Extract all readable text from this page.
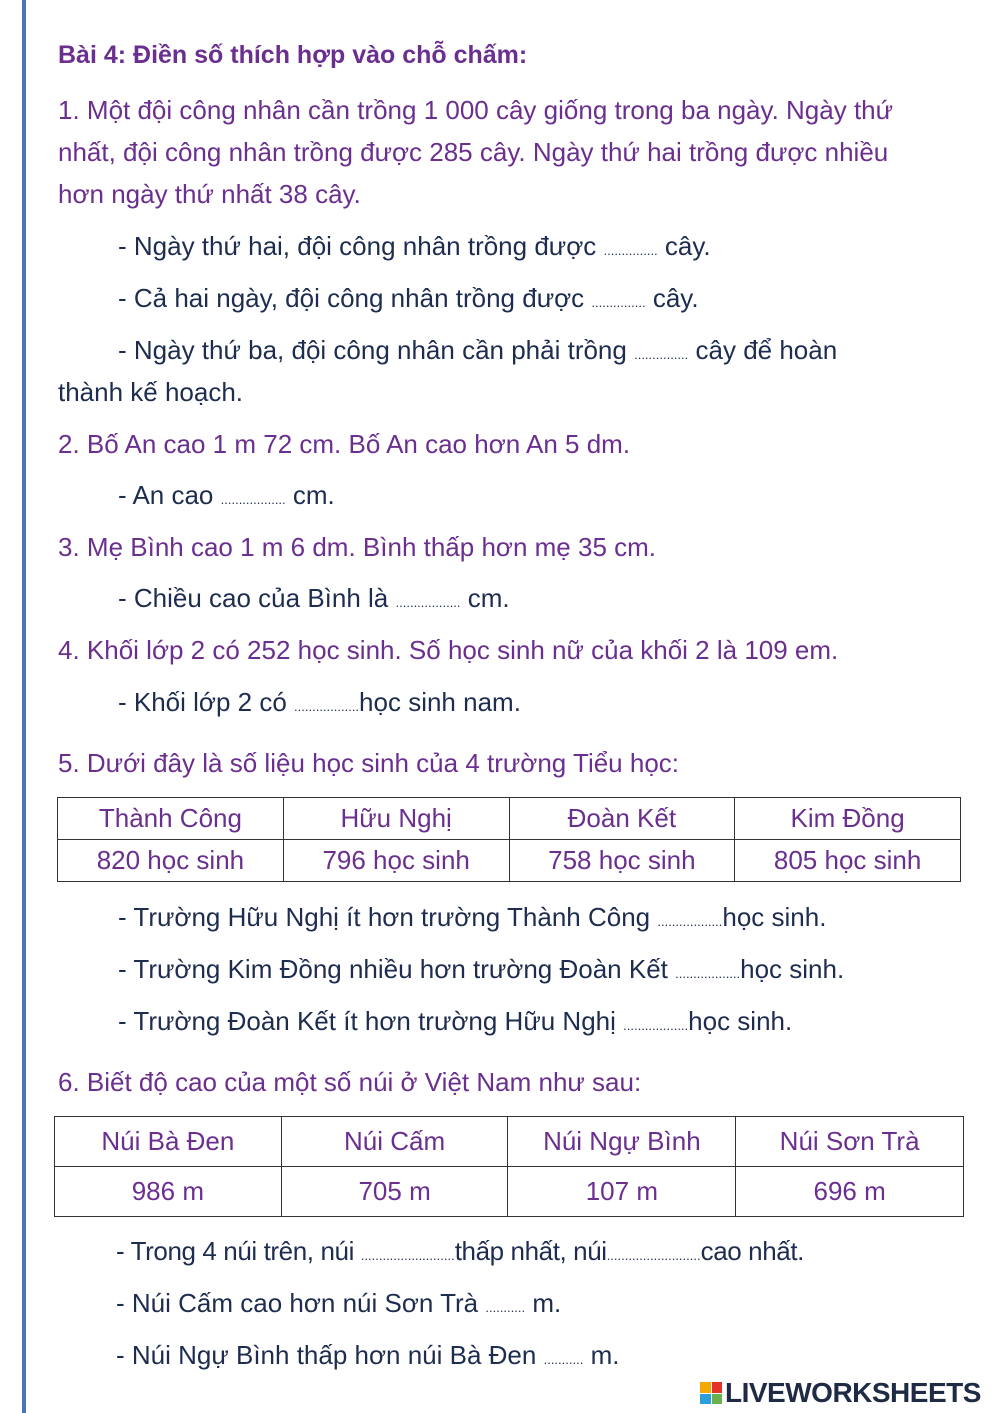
Bài 4: Điền số thích hợp vào chỗ chấm:
1. Một đội công nhân cần trồng 1 000 cây giống trong ba ngày. Ngày thứ
nhất, đội công nhân trồng được 285 cây. Ngày thứ hai trồng được nhiều
hơn ngày thứ nhất 38 cây.
- Ngày thứ hai, đội công nhân trồng được ............... cây.
- Cả hai ngày, đội công nhân trồng được ............... cây.
- Ngày thứ ba, đội công nhân cần phải trồng ............... cây để hoàn
thành kế hoạch.
2. Bố An cao 1 m 72 cm. Bố An cao hơn An 5 dm.
- An cao .................. cm.
3. Mẹ Bình cao 1 m 6 dm. Bình thấp hơn mẹ 35 cm.
- Chiều cao của Bình là .................. cm.
4. Khối lớp 2 có 252 học sinh. Số học sinh nữ của khối 2 là 109 em.
- Khối lớp 2 có ..................học sinh nam.
5. Dưới đây là số liệu học sinh của 4 trường Tiểu học:
Thành Công	Hữu Nghị	Đoàn Kết	Kim Đồng
820 học sinh	796 học sinh	758 học sinh	805 học sinh
- Trường Hữu Nghị ít hơn trường Thành Công ..................học sinh.
- Trường Kim Đồng nhiều hơn trường Đoàn Kết ..................học sinh.
- Trường Đoàn Kết ít hơn trường Hữu Nghị ..................học sinh.
6. Biết độ cao của một số núi ở Việt Nam như sau:
Núi Bà Đen	Núi Cấm	Núi Ngự Bình	Núi Sơn Trà
986 m	705 m	107 m	696 m
- Trong 4 núi trên, núi ..........................thấp nhất, núi..........................cao nhất.
- Núi Cấm cao hơn núi Sơn Trà ........... m.
- Núi Ngự Bình thấp hơn núi Bà Đen ........... m.
LIVEWORKSHEETS
